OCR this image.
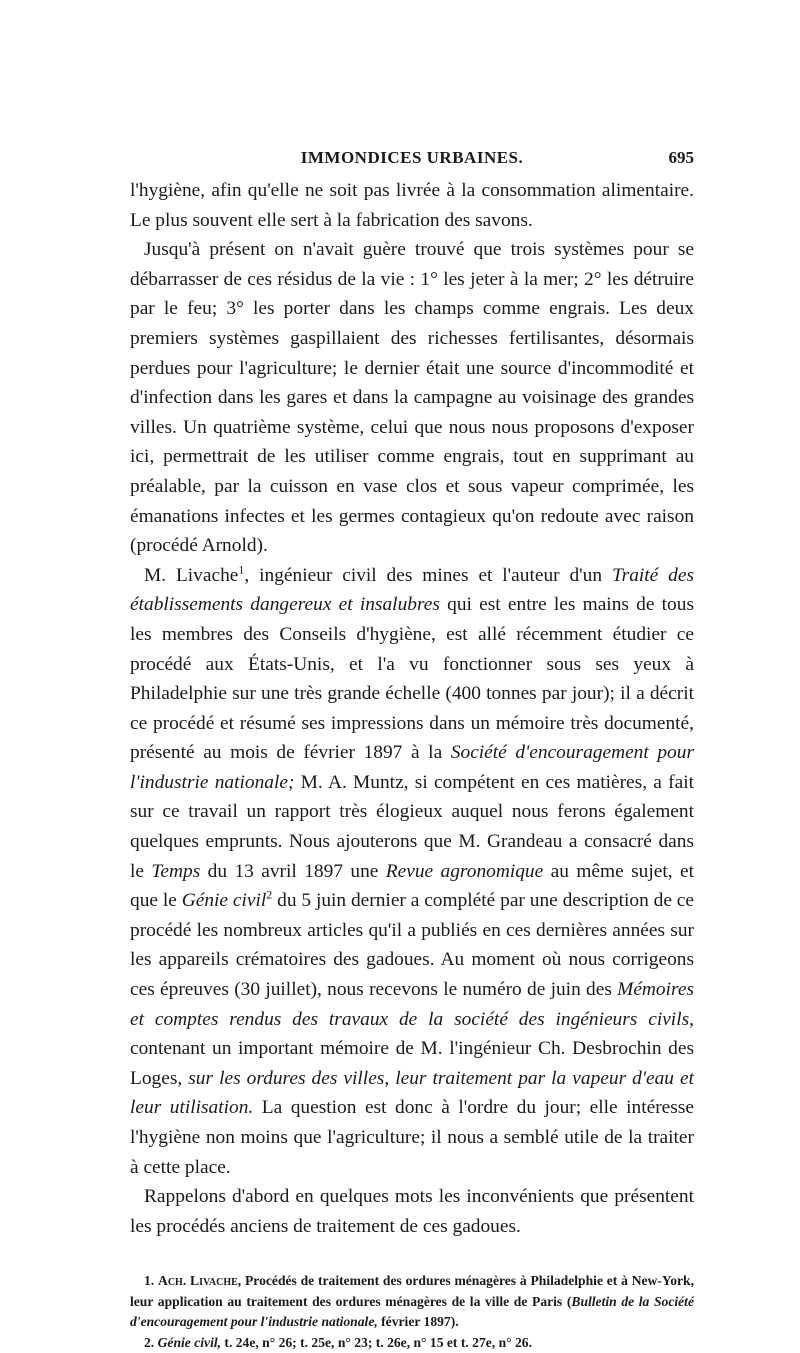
IMMONDICES URBAINES.	695

l'hygiène, afin qu'elle ne soit pas livrée à la consommation alimentaire. Le plus souvent elle sert à la fabrication des savons.

Jusqu'à présent on n'avait guère trouvé que trois systèmes pour se débarrasser de ces résidus de la vie : 1° les jeter à la mer; 2° les détruire par le feu; 3° les porter dans les champs comme engrais. Les deux premiers systèmes gaspillaient des richesses fertilisantes, désormais perdues pour l'agriculture; le dernier était une source d'incommodité et d'infection dans les gares et dans la campagne au voisinage des grandes villes. Un quatrième système, celui que nous nous proposons d'exposer ici, permettrait de les utiliser comme engrais, tout en supprimant au préalable, par la cuisson en vase clos et sous vapeur comprimée, les émanations infectes et les germes contagieux qu'on redoute avec raison (procédé Arnold).

M. Livache$^1$, ingénieur civil des mines et l'auteur d'un Traité des établissements dangereux et insalubres qui est entre les mains de tous les membres des Conseils d'hygiène, est allé récemment étudier ce procédé aux États-Unis, et l'a vu fonctionner sous ses yeux à Philadelphie sur une très grande échelle (400 tonnes par jour); il a décrit ce procédé et résumé ses impressions dans un mémoire très documenté, présenté au mois de février 1897 à la Société d'encouragement pour l'industrie nationale; M. A. Muntz, si compétent en ces matières, a fait sur ce travail un rapport très élogieux auquel nous ferons également quelques emprunts. Nous ajouterons que M. Grandeau a consacré dans le Temps du 13 avril 1897 une Revue agronomique au même sujet, et que le Génie civil$^2$ du 5 juin dernier a complété par une description de ce procédé les nombreux articles qu'il a publiés en ces dernières années sur les appareils crématoires des gadoues. Au moment où nous corrigeons ces épreuves (30 juillet), nous recevons le numéro de juin des Mémoires et comptes rendus des travaux de la société des ingénieurs civils, contenant un important mémoire de M. l'ingénieur Ch. Desbrochin des Loges, sur les ordures des villes, leur traitement par la vapeur d'eau et leur utilisation. La question est donc à l'ordre du jour; elle intéresse l'hygiène non moins que l'agriculture; il nous a semblé utile de la traiter à cette place.

Rappelons d'abord en quelques mots les inconvénients que présentent les procédés anciens de traitement de ces gadoues.

1. Ach. Livache, Procédés de traitement des ordures ménagères à Philadelphie et à New-York, leur application au traitement des ordures ménagères de la ville de Paris (Bulletin de la Société d'encouragement pour l'industrie nationale, février 1897).

2. Génie civil, t. 24e, n° 26; t. 25e, n° 23; t. 26e, n° 15 et t. 27e, n° 26.
